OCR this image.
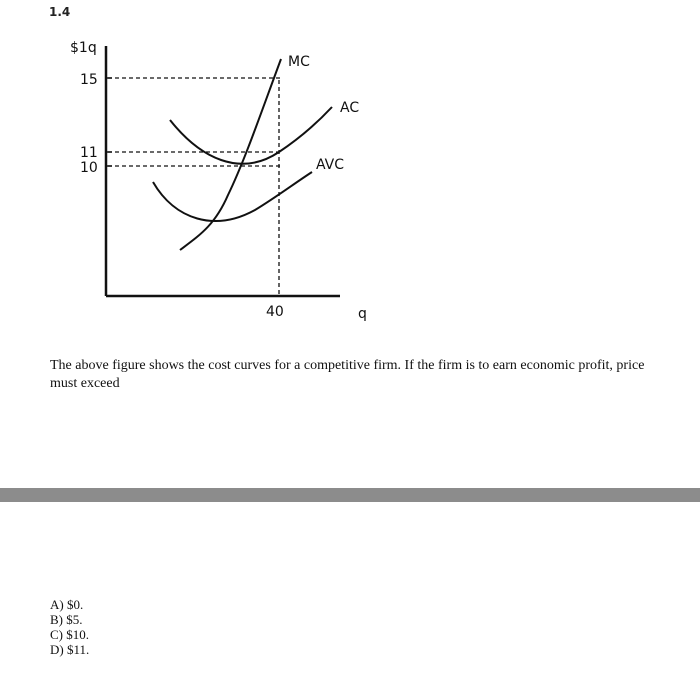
1.4
$1q
15
11
10
40	q
MC
AC
AVC
The above figure shows the cost curves for a competitive firm. If the firm is to earn economic profit, price must exceed
A) $0.
B) $5.
C) $10.
D) $11.
